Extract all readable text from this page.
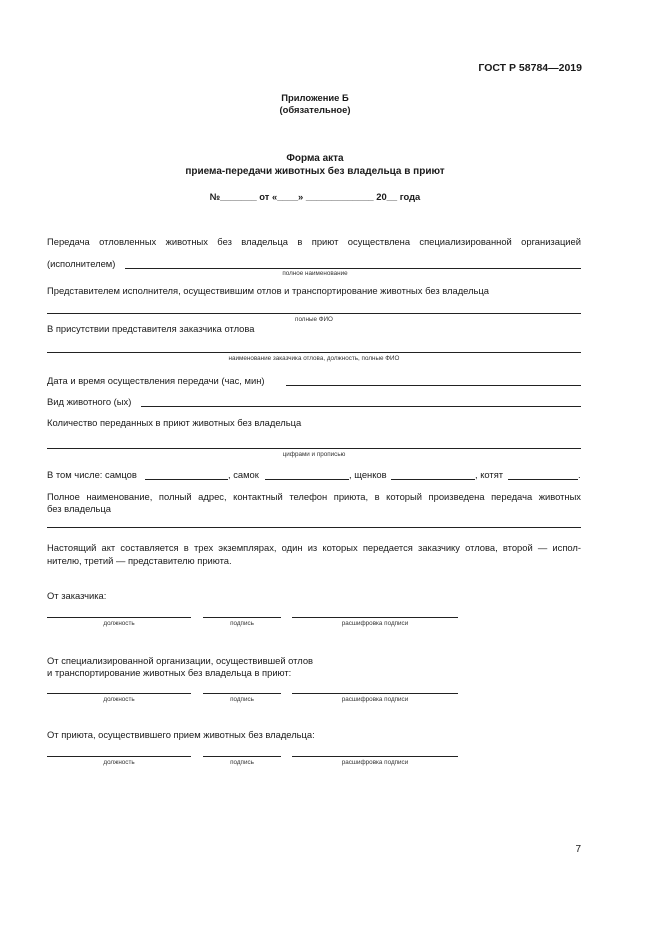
ГОСТ Р 58784—2019
Приложение Б
(обязательное)
Форма акта
приема-передачи животных без владельца в приют
№_______ от «____» _____________ 20__ года
Передача отловленных животных без владельца в приют осуществлена специализированной организацией
(исполнителем)
полное наименование
Представителем исполнителя, осуществившим отлов и транспортирование животных без владельца
полные ФИО
В присутствии представителя заказчика отлова
наименование заказчика отлова, должность, полные ФИО
Дата и время осуществления передачи (час, мин)
Вид животного (ых)
Количество переданных в приют животных без владельца
цифрами и прописью
В том числе: самцов	, самок	, щенков	, котят	.
Полное наименование, полный адрес, контактный телефон приюта, в который произведена передача животных
без владельца
Настоящий акт составляется в трех экземплярах, один из которых передается заказчику отлова, второй — испол-
нителю, третий — представителю приюта.
От заказчика:
должность	подпись	расшифровка подписи
От специализированной организации, осуществившей отлов
и транспортирование животных без владельца в приют:
должность	подпись	расшифровка подписи
От приюта, осуществившего прием животных без владельца:
должность	подпись	расшифровка подписи
7
